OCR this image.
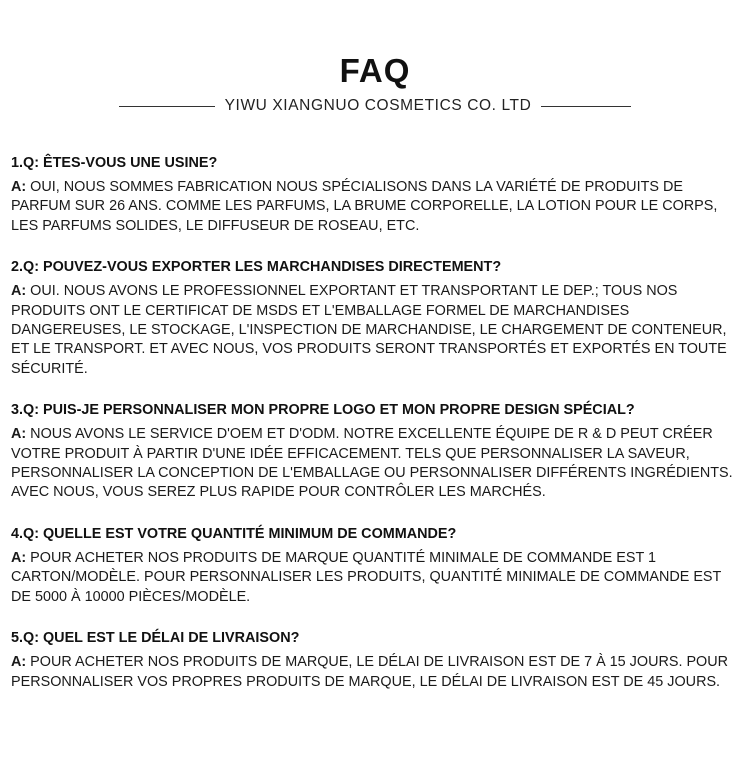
FAQ
YIWU XIANGNUO COSMETICS CO. LTD

1.Q: ÊTES-VOUS UNE USINE?

A: OUI, NOUS SOMMES FABRICATION NOUS SPÉCIALISONS DANS LA VARIÉTÉ DE PRODUITS DE PARFUM SUR 26 ANS. COMME LES PARFUMS, LA BRUME CORPORELLE, LA LOTION POUR LE CORPS, LES PARFUMS SOLIDES, LE DIFFUSEUR DE ROSEAU, ETC.

2.Q: POUVEZ-VOUS EXPORTER LES MARCHANDISES DIRECTEMENT?

A: OUI. NOUS AVONS LE PROFESSIONNEL EXPORTANT ET TRANSPORTANT LE DEP.; TOUS NOS PRODUITS ONT LE CERTIFICAT DE MSDS ET L'EMBALLAGE FORMEL DE MARCHANDISES DANGEREUSES, LE STOCKAGE, L'INSPECTION DE MARCHANDISE, LE CHARGEMENT DE CONTENEUR, ET LE TRANSPORT. ET AVEC NOUS, VOS PRODUITS SERONT TRANSPORTÉS ET EXPORTÉS EN TOUTE SÉCURITÉ.

3.Q: PUIS-JE PERSONNALISER MON PROPRE LOGO ET MON PROPRE DESIGN SPÉCIAL?

A: NOUS AVONS LE SERVICE D'OEM ET D'ODM. NOTRE EXCELLENTE ÉQUIPE DE R & D PEUT CRÉER VOTRE PRODUIT À PARTIR D'UNE IDÉE EFFICACEMENT. TELS QUE PERSONNALISER LA SAVEUR, PERSONNALISER LA CONCEPTION DE L'EMBALLAGE OU PERSONNALISER DIFFÉRENTS INGRÉDIENTS. AVEC NOUS, VOUS SEREZ PLUS RAPIDE POUR CONTRÔLER LES MARCHÉS.

4.Q: QUELLE EST VOTRE QUANTITÉ MINIMUM DE COMMANDE?

A: POUR ACHETER NOS PRODUITS DE MARQUE QUANTITÉ MINIMALE DE COMMANDE EST 1 CARTON/MODÈLE. POUR PERSONNALISER LES PRODUITS, QUANTITÉ MINIMALE DE COMMANDE EST DE 5000 À 10000 PIÈCES/MODÈLE.

5.Q: QUEL EST LE DÉLAI DE LIVRAISON?

A: POUR ACHETER NOS PRODUITS DE MARQUE, LE DÉLAI DE LIVRAISON EST DE 7 À 15 JOURS. POUR PERSONNALISER VOS PROPRES PRODUITS DE MARQUE, LE DÉLAI DE LIVRAISON EST DE 45 JOURS.
